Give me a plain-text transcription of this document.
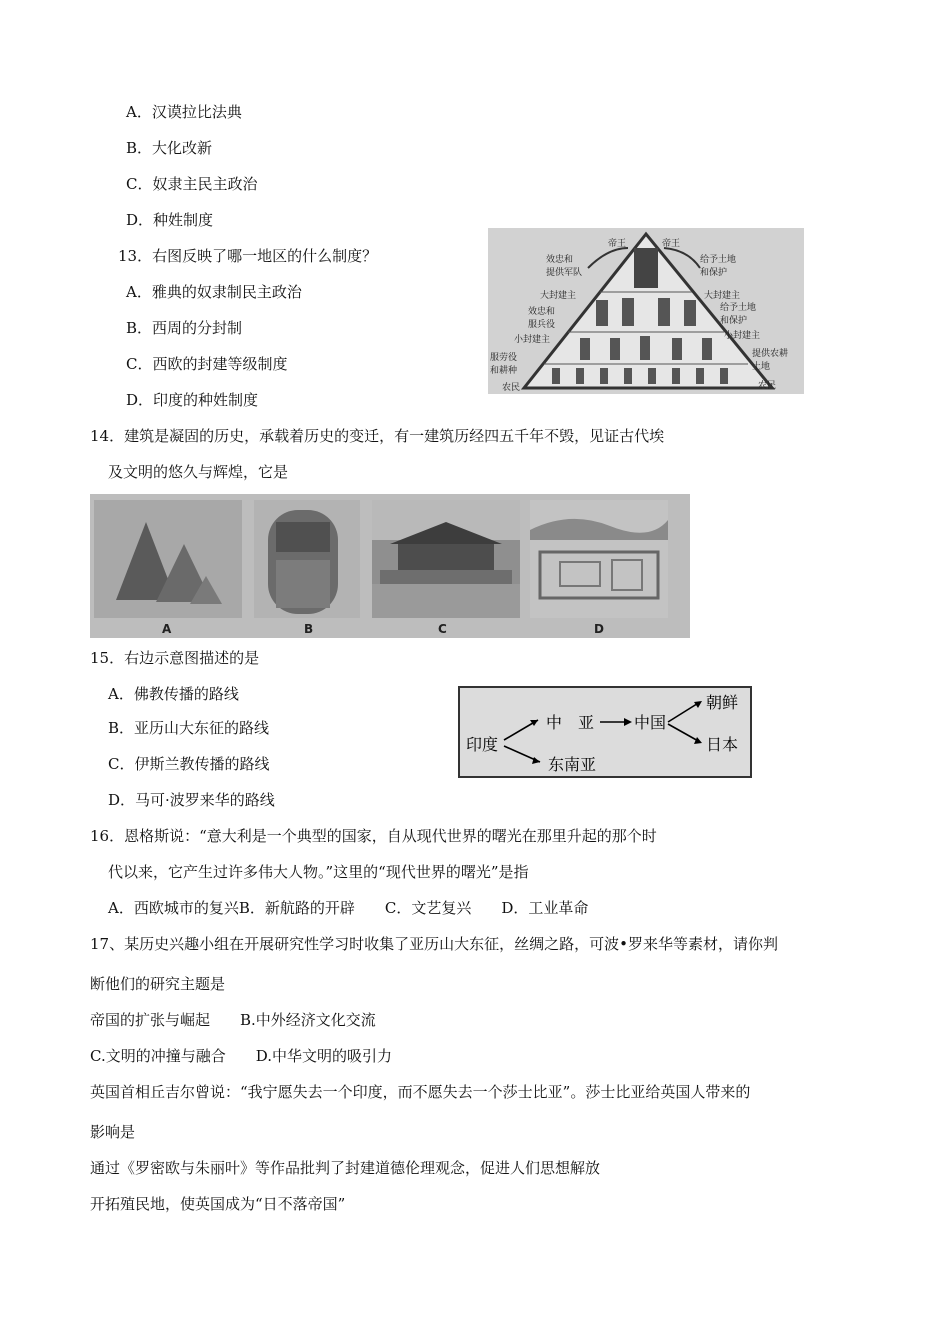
A．汉谟拉比法典
B．大化改新
C．奴隶主民主政治
D．种姓制度
13．右图反映了哪一地区的什么制度？
A．雅典的奴隶制民主政治
B．西周的分封制
C．西欧的封建等级制度
D．印度的种姓制度
帝王	帝王
效忠和
提供军队
给予土地
和保护
大封建主
效忠和
服兵役
大封建主
给予土地
和保护
小封建主	小封建主
服劳役
和耕种
提供农耕
土地
农民	农民
14．建筑是凝固的历史，承载着历史的变迁，有一建筑历经四五千年不毁，见证古代埃
及文明的悠久与辉煌，它是
A	B	C	D
15．右边示意图描述的是
A．佛教传播的路线
B．亚历山大东征的路线
C．伊斯兰教传播的路线
D．马可·波罗来华的路线
印度
中　亚 中国
东南亚
朝鲜
日本
16．恩格斯说：“意大利是一个典型的国家，自从现代世界的曙光在那里升起的那个时
代以来，它产生过许多伟大人物。”这里的“现代世界的曙光”是指
A．西欧城市的复兴B．新航路的开辟　　C．文艺复兴　　D．工业革命
17、某历史兴趣小组在开展研究性学习时收集了亚历山大东征，丝绸之路，可波•罗来华等素材，请你判
断他们的研究主题是
帝国的扩张与崛起　　B.中外经济文化交流
C.文明的冲撞与融合　　D.中华文明的吸引力
英国首相丘吉尔曾说：“我宁愿失去一个印度，而不愿失去一个莎士比亚”。莎士比亚给英国人带来的
影响是
通过《罗密欧与朱丽叶》等作品批判了封建道德伦理观念，促进人们思想解放
开拓殖民地，使英国成为“日不落帝国”
